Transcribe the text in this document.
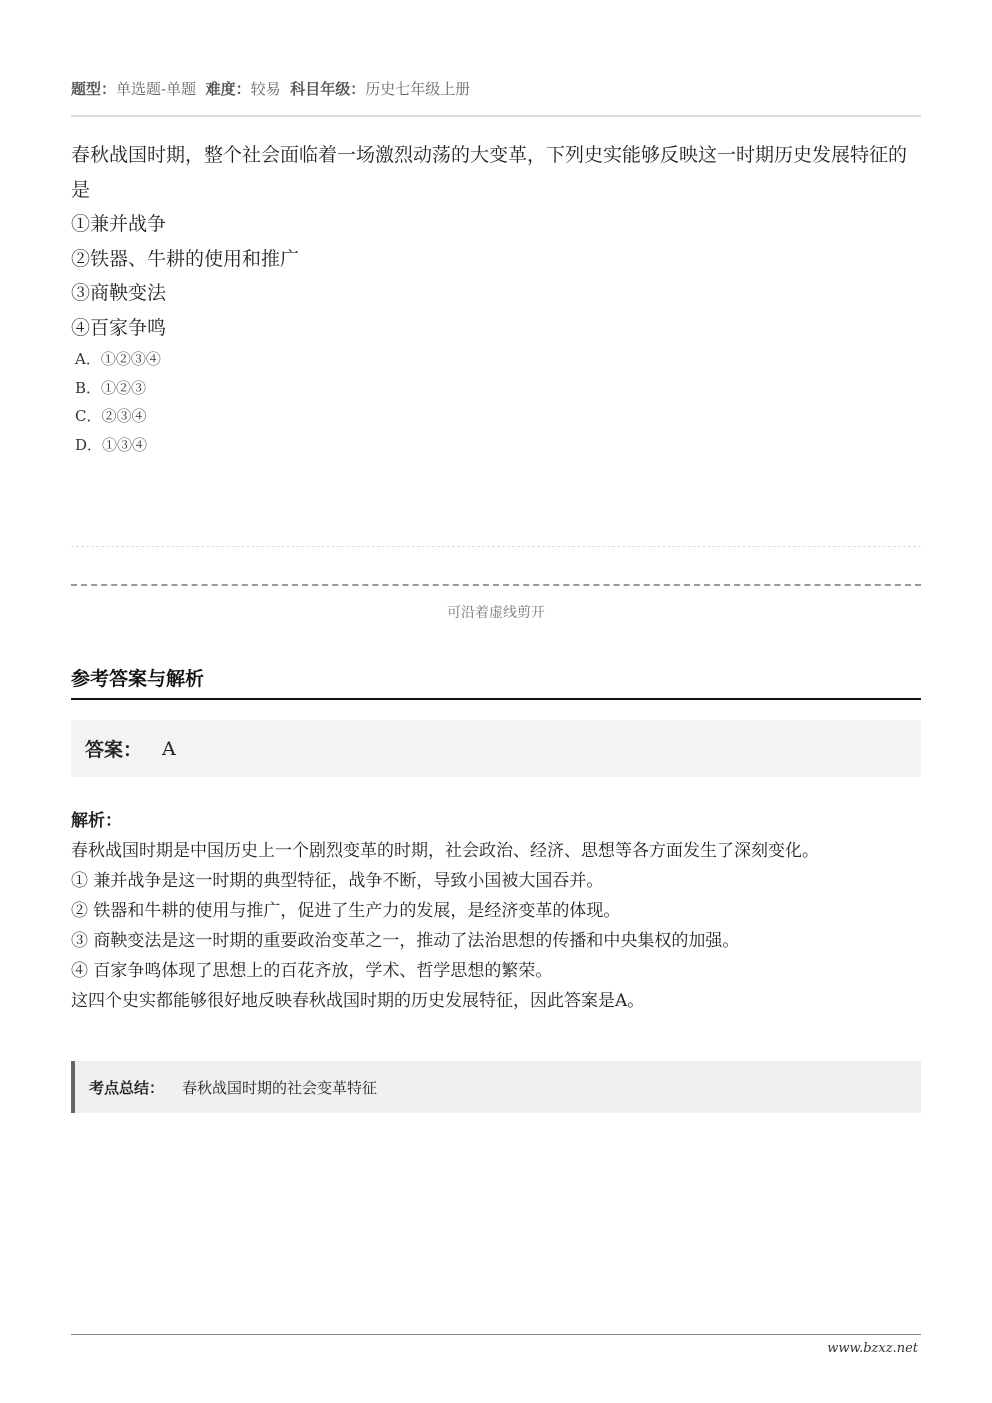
题型：单选题-单题 难度：较易 科目年级：历史七年级上册
春秋战国时期，整个社会面临着一场激烈动荡的大变革，下列史实能够反映这一时期历史发展特征的是
①兼并战争
②铁器、牛耕的使用和推广
③商鞅变法
④百家争鸣
A．①②③④
B．①②③
C．②③④
D．①③④
可沿着虚线剪开
参考答案与解析
答案： A
解析：
春秋战国时期是中国历史上一个剧烈变革的时期，社会政治、经济、思想等各方面发生了深刻变化。
① 兼并战争是这一时期的典型特征，战争不断，导致小国被大国吞并。
② 铁器和牛耕的使用与推广，促进了生产力的发展，是经济变革的体现。
③ 商鞅变法是这一时期的重要政治变革之一，推动了法治思想的传播和中央集权的加强。
④ 百家争鸣体现了思想上的百花齐放，学术、哲学思想的繁荣。
这四个史实都能够很好地反映春秋战国时期的历史发展特征，因此答案是A。
考点总结： 春秋战国时期的社会变革特征
www.bzxz.net
